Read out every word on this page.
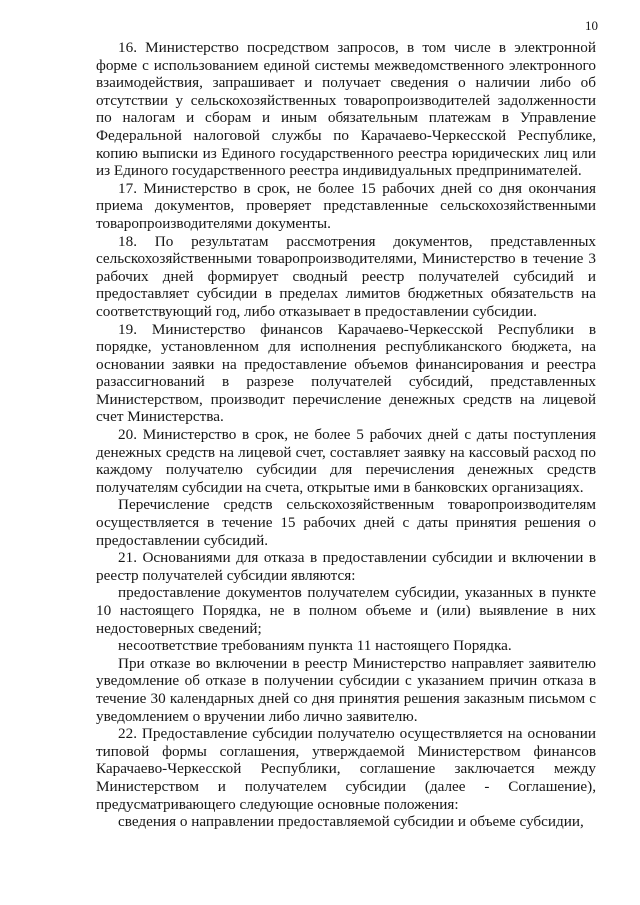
10

16. Министерство посредством запросов, в том числе в электронной форме с использованием единой системы межведомственного электронного взаимодействия, запрашивает и получает сведения о наличии либо об отсутствии у сельскохозяйственных товаропроизводителей задолженности по налогам и сборам и иным обязательным платежам в Управление Федеральной налоговой службы по Карачаево-Черкесской Республике, копию выписки из Единого государственного реестра юридических лиц или из Единого государственного реестра индивидуальных предпринимателей.

17. Министерство в срок, не более 15 рабочих дней со дня окончания приема документов, проверяет представленные сельскохозяйственными товаропроизводителями документы.

18. По результатам рассмотрения документов, представленных сельскохозяйственными товаропроизводителями, Министерство в течение 3 рабочих дней формирует сводный реестр получателей субсидий и предоставляет субсидии в пределах лимитов бюджетных обязательств на соответствующий год, либо отказывает в предоставлении субсидии.

19. Министерство финансов Карачаево-Черкесской Республики в порядке, установленном для исполнения республиканского бюджета, на основании заявки на предоставление объемов финансирования и реестра разассигнований в разрезе получателей субсидий, представленных Министерством, производит перечисление денежных средств на лицевой счет Министерства.

20. Министерство в срок, не более 5 рабочих дней с даты поступления денежных средств на лицевой счет, составляет заявку на кассовый расход по каждому получателю субсидии для перечисления денежных средств получателям субсидии на счета, открытые ими в банковских организациях.

Перечисление средств сельскохозяйственным товаропроизводителям осуществляется в течение 15 рабочих дней с даты принятия решения о предоставлении субсидий.

21. Основаниями для отказа в предоставлении субсидии и включении в реестр получателей субсидии являются:

предоставление документов получателем субсидии, указанных в пункте 10 настоящего Порядка, не в полном объеме и (или) выявление в них недостоверных сведений;

несоответствие требованиям пункта 11 настоящего Порядка.

При отказе во включении в реестр Министерство направляет заявителю уведомление об отказе в получении субсидии с указанием причин отказа в течение 30 календарных дней со дня принятия решения заказным письмом с уведомлением о вручении либо лично заявителю.

22. Предоставление субсидии получателю осуществляется на основании типовой формы соглашения, утверждаемой Министерством финансов Карачаево-Черкесской Республики, соглашение заключается между Министерством и получателем субсидии (далее - Соглашение), предусматривающего следующие основные положения:

сведения о направлении предоставляемой субсидии и объеме субсидии,
